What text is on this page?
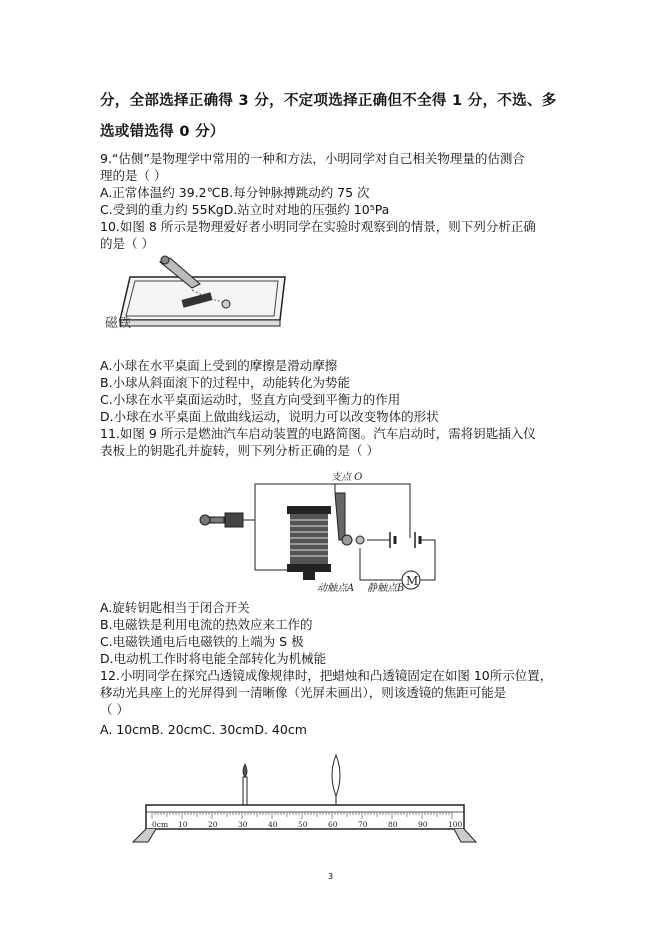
分，全部选择正确得 3 分，不定项选择正确但不全得 1 分，不选、多
选或错选得 0 分）
9.“估侧”是物理学中常用的一种和方法，小明同学对自己相关物理量的估测合
理的是（ ）
A.正常体温约 39.2℃B.每分钟脉搏跳动约 75 次
C.受到的重力约 55KgD.站立时对地的压强约 10⁵Pa
10.如图 8 所示是物理爱好者小明同学在实验时观察到的情景，则下列分析正确
的是（ ）
磁铁
A.小球在水平桌面上受到的摩擦是滑动摩擦
B.小球从斜面滚下的过程中，动能转化为势能
C.小球在水平桌面运动时，竖直方向受到平衡力的作用
D.小球在水平桌面上做曲线运动，说明力可以改变物体的形状
11.如图 9 所示是燃油汽车启动装置的电路简图。汽车启动时，需将钥匙插入仪
表板上的钥匙孔并旋转，则下列分析正确的是（ ）
M
支点 O
动触点A 静触点B
A.旋转钥匙相当于闭合开关
B.电磁铁是利用电流的热效应来工作的
C.电磁铁通电后电磁铁的上端为 S 极
D.电动机工作时将电能全部转化为机械能
12.小明同学在探究凸透镜成像规律时，把蜡烛和凸透镜固定在如图 10所示位置，
移动光具座上的光屏得到一清晰像（光屏未画出），则该透镜的焦距可能是
（ ）
A. 10cmB. 20cmC. 30cmD. 40cm
0cm 10	20	30	40	50	60	70	80	90	100
3
